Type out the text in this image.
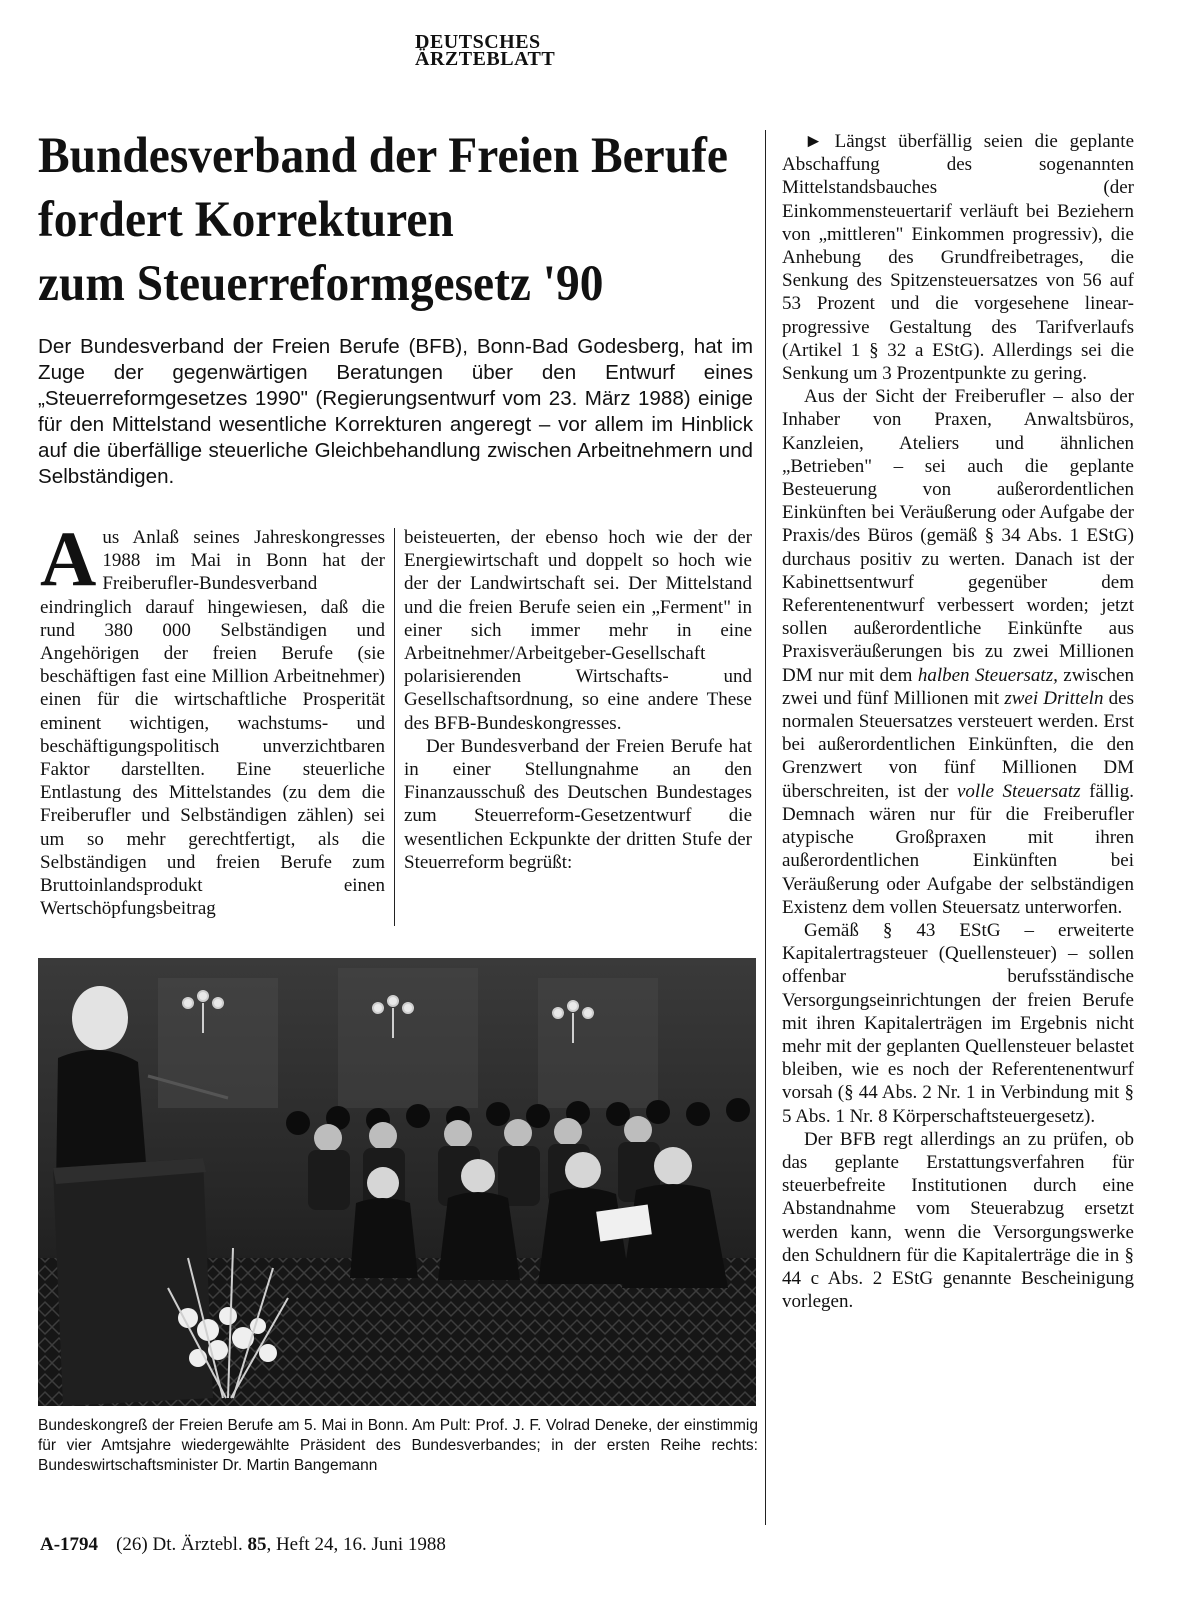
DEUTSCHES
ÄRZTEBLATT
Bundesverband der Freien Berufe
fordert Korrekturen
zum Steuerreformgesetz '90
Der Bundesverband der Freien Berufe (BFB), Bonn-Bad Godesberg, hat im Zuge der gegenwärtigen Beratungen über den Entwurf eines „Steuerreformgesetzes 1990" (Regierungsentwurf vom 23. März 1988) einige für den Mittelstand wesentliche Korrekturen angeregt – vor allem im Hinblick auf die überfällige steuerliche Gleichbehandlung zwischen Arbeitnehmern und Selbständigen.

Aus Anlaß seines Jahreskongresses 1988 im Mai in Bonn hat der Freiberufler-Bundesverband eindringlich darauf hingewiesen, daß die rund 380 000 Selbständigen und Angehörigen der freien Berufe (sie beschäftigen fast eine Million Arbeitnehmer) einen für die wirtschaftliche Prosperität eminent wichtigen, wachstums- und beschäftigungspolitisch unverzichtbaren Faktor darstellten. Eine steuerliche Entlastung des Mittelstandes (zu dem die Freiberufler und Selbständigen zählen) sei um so mehr gerechtfertigt, als die Selbständigen und freien Berufe zum Bruttoinlandsprodukt einen Wertschöpfungsbeitrag

beisteuerten, der ebenso hoch wie der der Energiewirtschaft und doppelt so hoch wie der der Landwirtschaft sei. Der Mittelstand und die freien Berufe seien ein „Ferment" in einer sich immer mehr in eine Arbeitnehmer/Arbeitgeber-Gesellschaft polarisierenden Wirtschafts- und Gesellschaftsordnung, so eine andere These des BFB-Bundeskongresses.

Der Bundesverband der Freien Berufe hat in einer Stellungnahme an den Finanzausschuß des Deutschen Bundestages zum Steuerreform-Gesetzentwurf die wesentlichen Eckpunkte der dritten Stufe der Steuerreform begrüßt:

► Längst überfällig seien die geplante Abschaffung des sogenannten Mittelstandsbauches (der Einkommensteuertarif verläuft bei Beziehern von „mittleren" Einkommen progressiv), die Anhebung des Grundfreibetrages, die Senkung des Spitzensteuersatzes von 56 auf 53 Prozent und die vorgesehene linear-progressive Gestaltung des Tarifverlaufs (Artikel 1 § 32 a EStG). Allerdings sei die Senkung um 3 Prozentpunkte zu gering.

Aus der Sicht der Freiberufler – also der Inhaber von Praxen, Anwaltsbüros, Kanzleien, Ateliers und ähnlichen „Betrieben" – sei auch die geplante Besteuerung von außerordentlichen Einkünften bei Veräußerung oder Aufgabe der Praxis/des Büros (gemäß § 34 Abs. 1 EStG) durchaus positiv zu werten. Danach ist der Kabinettsentwurf gegenüber dem Referentenentwurf verbessert worden; jetzt sollen außerordentliche Einkünfte aus Praxisveräußerungen bis zu zwei Millionen DM nur mit dem halben Steuersatz, zwischen zwei und fünf Millionen mit zwei Dritteln des normalen Steuersatzes versteuert werden. Erst bei außerordentlichen Einkünften, die den Grenzwert von fünf Millionen DM überschreiten, ist der volle Steuersatz fällig. Demnach wären nur für die Freiberufler atypische Großpraxen mit ihren außerordentlichen Einkünften bei Veräußerung oder Aufgabe der selbständigen Existenz dem vollen Steuersatz unterworfen.

Gemäß § 43 EStG – erweiterte Kapitalertragsteuer (Quellensteuer) – sollen offenbar berufsständische Versorgungseinrichtungen der freien Berufe mit ihren Kapitalerträgen im Ergebnis nicht mehr mit der geplanten Quellensteuer belastet bleiben, wie es noch der Referentenentwurf vorsah (§ 44 Abs. 2 Nr. 1 in Verbindung mit § 5 Abs. 1 Nr. 8 Körperschaftsteuergesetz).

Der BFB regt allerdings an zu prüfen, ob das geplante Erstattungsverfahren für steuerbefreite Institutionen durch eine Abstandnahme vom Steuerabzug ersetzt werden kann, wenn die Versorgungswerke den Schuldnern für die Kapitalerträge die in § 44 c Abs. 2 EStG genannte Bescheinigung vorlegen.

Bundeskongreß der Freien Berufe am 5. Mai in Bonn. Am Pult: Prof. J. F. Volrad Deneke, der einstimmig für vier Amtsjahre wiedergewählte Präsident des Bundesverbandes; in der ersten Reihe rechts: Bundeswirtschaftsminister Dr. Martin Bangemann
A-1794 (26) Dt. Ärztebl. 85, Heft 24, 16. Juni 1988
